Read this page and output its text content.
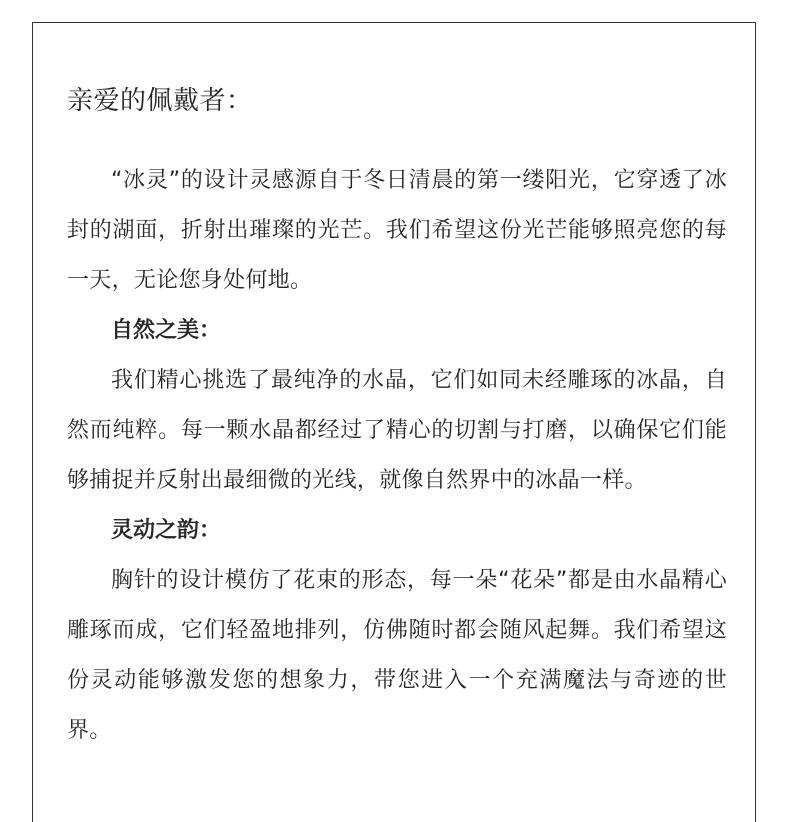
亲爱的佩戴者：

“冰灵”的设计灵感源自于冬日清晨的第一缕阳光，它穿透了冰封的湖面，折射出璀璨的光芒。我们希望这份光芒能够照亮您的每一天，无论您身处何地。

自然之美：

我们精心挑选了最纯净的水晶，它们如同未经雕琢的冰晶，自然而纯粹。每一颗水晶都经过了精心的切割与打磨，以确保它们能够捕捉并反射出最细微的光线，就像自然界中的冰晶一样。

灵动之韵：

胸针的设计模仿了花束的形态，每一朵“花朵”都是由水晶精心雕琢而成，它们轻盈地排列，仿佛随时都会随风起舞。我们希望这份灵动能够激发您的想象力，带您进入一个充满魔法与奇迹的世界。
